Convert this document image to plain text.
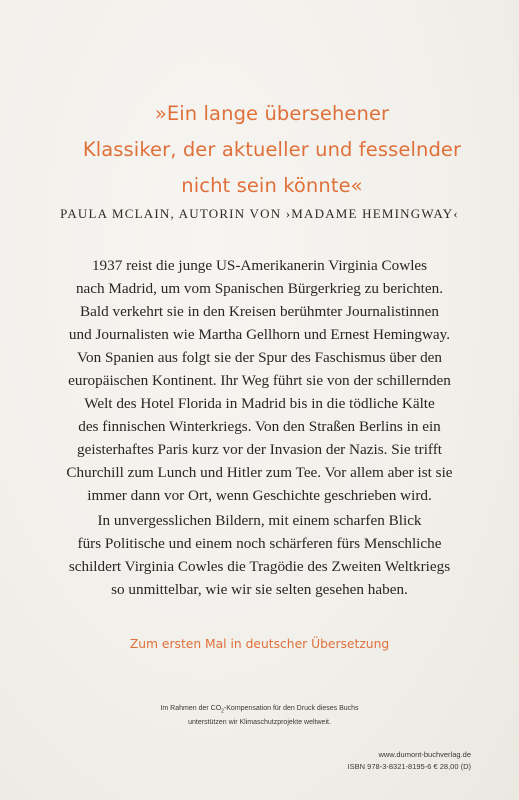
»Ein lange übersehener
Klassiker, der aktueller und fesselnder
nicht sein könnte«
PAULA MCLAIN, AUTORIN VON ›MADAME HEMINGWAY‹
1937 reist die junge US-Amerikanerin Virginia Cowles
nach Madrid, um vom Spanischen Bürgerkrieg zu berichten.
Bald verkehrt sie in den Kreisen berühmter Journalistinnen
und Journalisten wie Martha Gellhorn und Ernest Hemingway.
Von Spanien aus folgt sie der Spur des Faschismus über den
europäischen Kontinent. Ihr Weg führt sie von der schillernden
Welt des Hotel Florida in Madrid bis in die tödliche Kälte
des finnischen Winterkriegs. Von den Straßen Berlins in ein
geisterhaftes Paris kurz vor der Invasion der Nazis. Sie trifft
Churchill zum Lunch und Hitler zum Tee. Vor allem aber ist sie
immer dann vor Ort, wenn Geschichte geschrieben wird.
In unvergesslichen Bildern, mit einem scharfen Blick
fürs Politische und einem noch schärferen fürs Menschliche
schildert Virginia Cowles die Tragödie des Zweiten Weltkriegs
so unmittelbar, wie wir sie selten gesehen haben.
Zum ersten Mal in deutscher Übersetzung
Im Rahmen der $CO_2$-Kompensation für den Druck dieses Buchs
unterstützen wir Klimaschutzprojekte weltweit.
www.dumont-buchverlag.de
ISBN 978-3-8321-8195-6 € 28,00 (D)
